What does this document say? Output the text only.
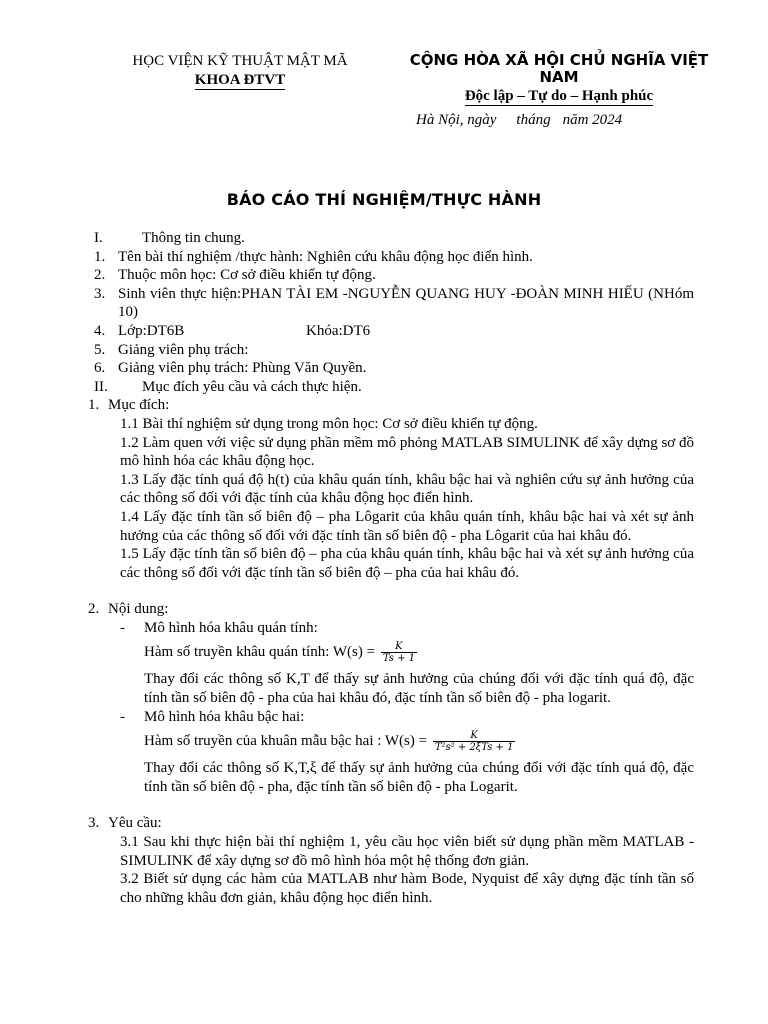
HỌC VIỆN KỸ THUẬT MẬT MÃ
KHOA ĐTVT
CỘNG HÒA XÃ HỘI CHỦ NGHĨA VIỆT NAM
Độc lập – Tự do – Hạnh phúc
Hà Nội, ngày tháng năm 2024
BÁO CÁO THÍ NGHIỆM/THỰC HÀNH
I.	Thông tin chung.
1. Tên bài thí nghiệm /thực hành: Nghiên cứu khâu động học điển hình.
2. Thuộc môn học: Cơ sở điều khiển tự động.
3. Sinh viên thực hiện:PHAN TÀI EM -NGUYỄN QUANG HUY -ĐOÀN MINH HIẾU (NHóm 10)
4. Lớp:DT6B	Khóa:DT6
5. Giảng viên phụ trách:
6. Giảng viên phụ trách: Phùng Văn Quyền.
II.	Mục đích yêu cầu và cách thực hiện.
1. Mục đích:
1.1 Bài thí nghiệm sử dụng trong môn học: Cơ sở điều khiển tự động.
1.2 Làm quen với việc sử dụng phần mềm mô phỏng MATLAB SIMULINK để xây dựng sơ đồ mô hình hóa các khâu động học.
1.3 Lấy đặc tính quá độ h(t) của khâu quán tính, khâu bậc hai và nghiên cứu sự ảnh hưởng của các thông số đối với đặc tính của khâu động học điển hình.
1.4 Lấy đặc tính tần số biên độ – pha Lôgarit của khâu quán tính, khâu bậc hai và xét sự ảnh hưởng của các thông số đối với đặc tính tần số biên độ - pha Lôgarit của hai khâu đó.
1.5 Lấy đặc tính tần số biên độ – pha của khâu quán tính, khâu bậc hai và xét sự ảnh hưởng của các thông số đối với đặc tính tần số biên độ – pha của hai khâu đó.
2. Nội dung:
-	Mô hình hóa khâu quán tính:
Hàm số truyền khâu quán tính: $W(s) = \frac{K}{Ts + 1}$
Thay đổi các thông số K,T để thấy sự ảnh hưởng của chúng đối với đặc tính quá độ, đặc tính tần số biên độ - pha của hai khâu đó, đặc tính tần số biên độ - pha logarit.
-	Mô hình hóa khâu bậc hai:
Hàm số truyền của khuân mẫu bậc hai : $W(s) = \frac{K}{\text{T²s² + 2ξTs + 1}}$
Thay đổi các thông số K,T,ξ để thấy sự ảnh hưởng của chúng đối với đặc tính quá độ, đặc tính tần số biên độ - pha, đặc tính tần số biên độ - pha Logarit.
3. Yêu cầu:
3.1 Sau khi thực hiện bài thí nghiệm 1, yêu cầu học viên biết sử dụng phần mềm MATLAB - SIMULINK để xây dựng sơ đồ mô hình hóa một hệ thống đơn giản.
3.2 Biết sử dụng các hàm của MATLAB như hàm Bode, Nyquist để xây dựng đặc tính tần số cho những khâu đơn giản, khâu động học điển hình.
